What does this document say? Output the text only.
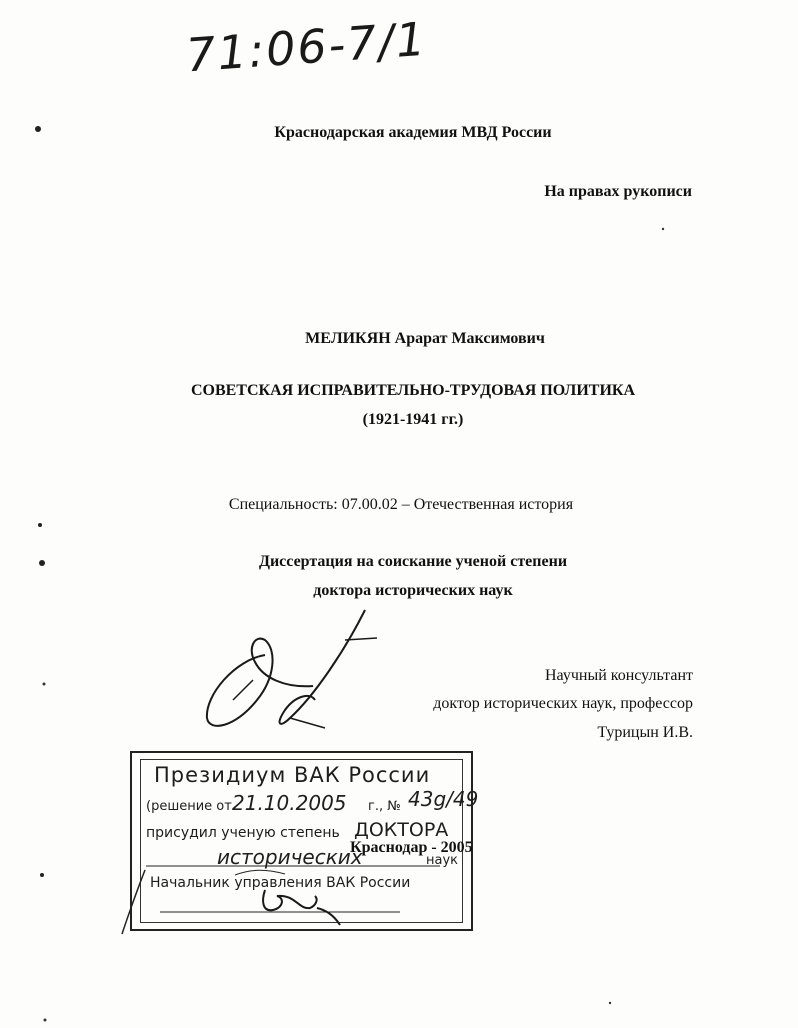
71:06-7/1
Краснодарская академия МВД России
На правах рукописи
МЕЛИКЯН Арарат Максимович
СОВЕТСКАЯ ИСПРАВИТЕЛЬНО-ТРУДОВАЯ ПОЛИТИКА
(1921-1941 гг.)
Специальность: 07.00.02 – Отечественная история
Диссертация на соискание ученой степени
доктора исторических наук
Научный консультант
доктор исторических наук, профессор
Турицын И.В.
Президиум ВАК России
(решение от 21.10.2005 г., № 43g/49
присудил ученую степень ДОКТОРА
исторических	наук
Начальник управления ВАК России
Краснодар - 2005
